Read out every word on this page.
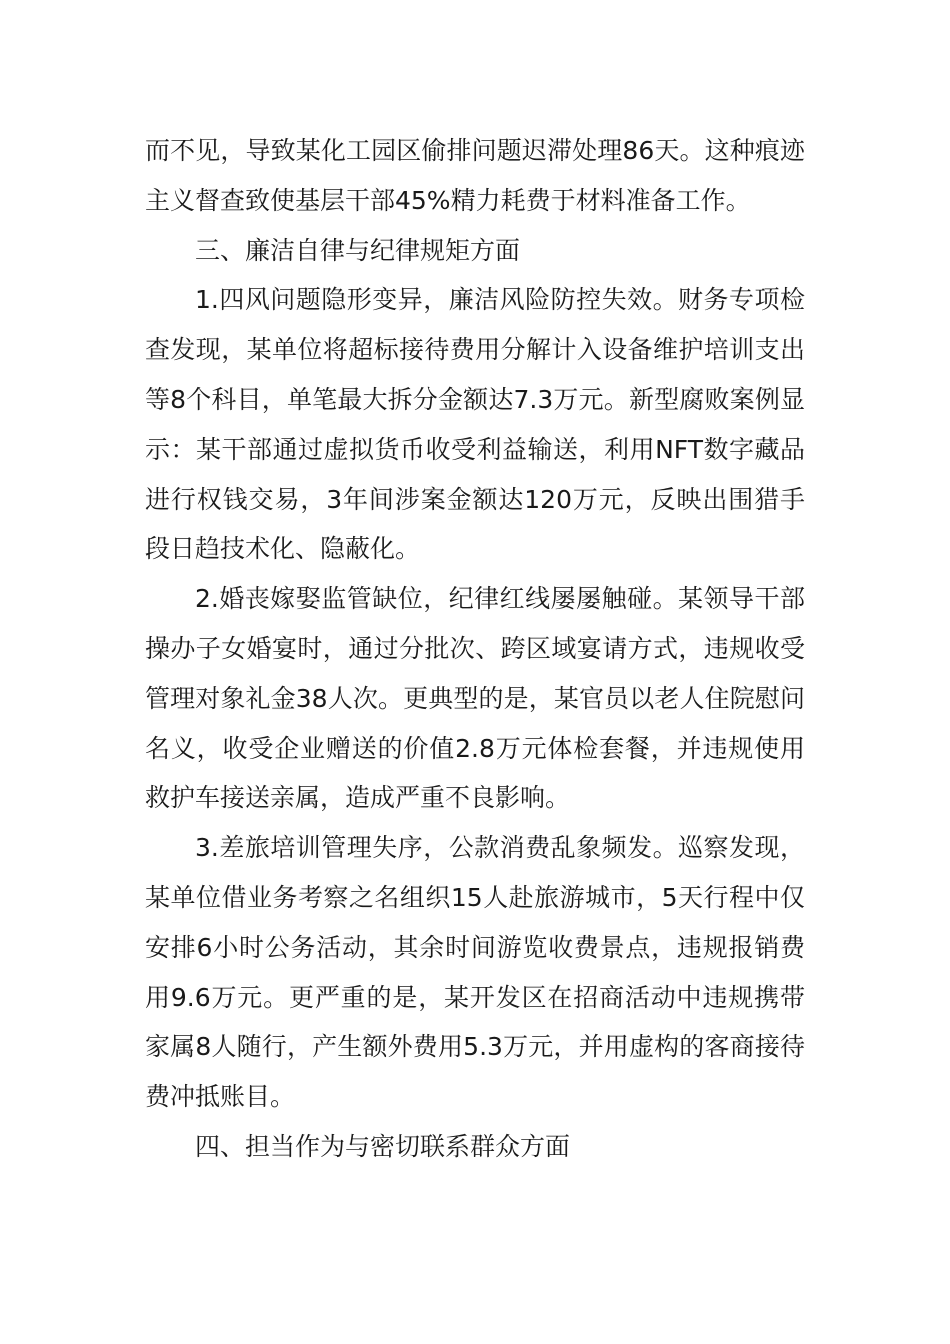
而不见，导致某化工园区偷排问题迟滞处理86天。这种痕迹主义督查致使基层干部45%精力耗费于材料准备工作。

三、廉洁自律与纪律规矩方面

1.四风问题隐形变异，廉洁风险防控失效。财务专项检查发现，某单位将超标接待费用分解计入设备维护培训支出等8个科目，单笔最大拆分金额达7.3万元。新型腐败案例显示：某干部通过虚拟货币收受利益输送，利用NFT数字藏品进行权钱交易，3年间涉案金额达120万元，反映出围猎手段日趋技术化、隐蔽化。

2.婚丧嫁娶监管缺位，纪律红线屡屡触碰。某领导干部操办子女婚宴时，通过分批次、跨区域宴请方式，违规收受管理对象礼金38人次。更典型的是，某官员以老人住院慰问名义，收受企业赠送的价值2.8万元体检套餐，并违规使用救护车接送亲属，造成严重不良影响。

3.差旅培训管理失序，公款消费乱象频发。巡察发现，某单位借业务考察之名组织15人赴旅游城市，5天行程中仅安排6小时公务活动，其余时间游览收费景点，违规报销费用9.6万元。更严重的是，某开发区在招商活动中违规携带家属8人随行，产生额外费用5.3万元，并用虚构的客商接待费冲抵账目。

四、担当作为与密切联系群众方面
